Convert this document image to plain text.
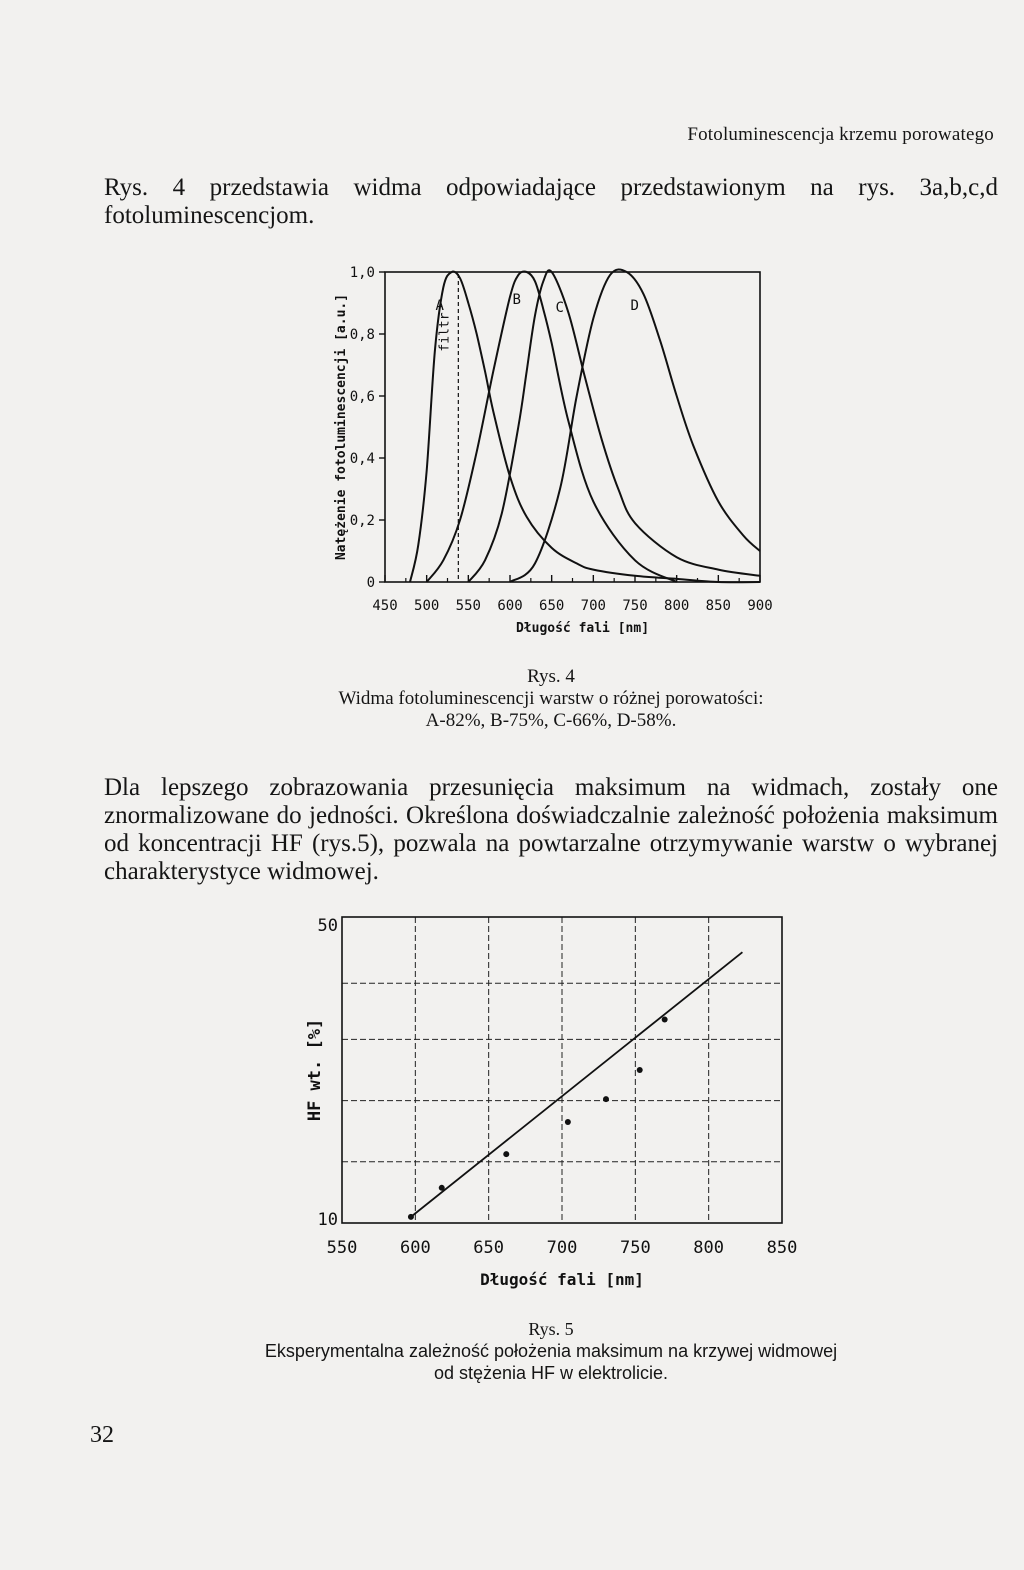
Fotoluminescencja krzemu porowatego
Rys. 4 przedstawia widma odpowiadające przedstawionym na rys. 3a,b,c,d fotoluminescencjom.
450 500 550 600 650 700 750 800 850 900
0
0,2
0,4
0,6
0,8
1,0
Długość fali [nm]
Natężenie fotoluminescencji [a.u.]	filtr
A	B C	D
Rys. 4
Widma fotoluminescencji warstw o różnej porowatości:
A-82%, B-75%, C-66%, D-58%.
Dla lepszego zobrazowania przesunięcia maksimum na widmach, zostały one znormalizowane do jedności. Określona doświadczalnie zależność położenia maksimum od koncentracji HF (rys.5), pozwala na powtarzalne otrzymywanie warstw o wybranej charakterystyce widmowej.
550	600	650	700	750	800	850
10
50
Długość fali [nm]
HF wt. [%]
Rys. 5
Eksperymentalna zależność położenia maksimum na krzywej widmowej
od stężenia HF w elektrolicie.
32
